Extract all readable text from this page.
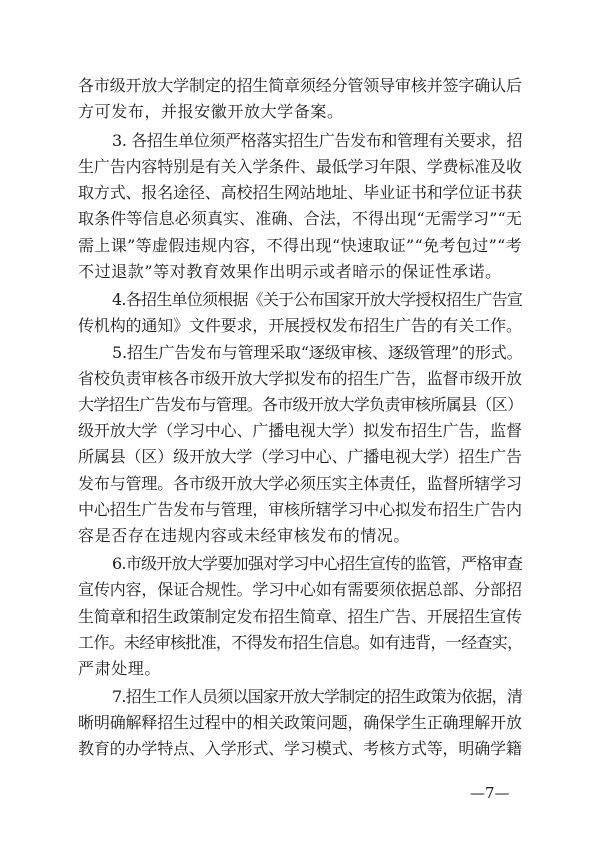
各市级开放大学制定的招生简章须经分管领导审核并签字确认后
方可发布，并报安徽开放大学备案。
3. 各招生单位须严格落实招生广告发布和管理有关要求，招
生广告内容特别是有关入学条件、最低学习年限、学费标准及收
取方式、报名途径、高校招生网站地址、毕业证书和学位证书获
取条件等信息必须真实、准确、合法，不得出现“无需学习”“无
需上课”等虚假违规内容，不得出现“快速取证”“免考包过”“考
不过退款”等对教育效果作出明示或者暗示的保证性承诺。
4.各招生单位须根据《关于公布国家开放大学授权招生广告宣
传机构的通知》文件要求，开展授权发布招生广告的有关工作。
5.招生广告发布与管理采取“逐级审核、逐级管理”的形式。
省校负责审核各市级开放大学拟发布的招生广告，监督市级开放
大学招生广告发布与管理。各市级开放大学负责审核所属县（区）
级开放大学（学习中心、广播电视大学）拟发布招生广告，监督
所属县（区）级开放大学（学习中心、广播电视大学）招生广告
发布与管理。各市级开放大学必须压实主体责任，监督所辖学习
中心招生广告发布与管理，审核所辖学习中心拟发布招生广告内
容是否存在违规内容或未经审核发布的情况。
6.市级开放大学要加强对学习中心招生宣传的监管，严格审查
宣传内容，保证合规性。学习中心如有需要须依据总部、分部招
生简章和招生政策制定发布招生简章、招生广告、开展招生宣传
工作。未经审核批准，不得发布招生信息。如有违背，一经查实，
严肃处理。
7.招生工作人员须以国家开放大学制定的招生政策为依据，清
晰明确解释招生过程中的相关政策问题，确保学生正确理解开放
教育的办学特点、入学形式、学习模式、考核方式等，明确学籍
—7—
